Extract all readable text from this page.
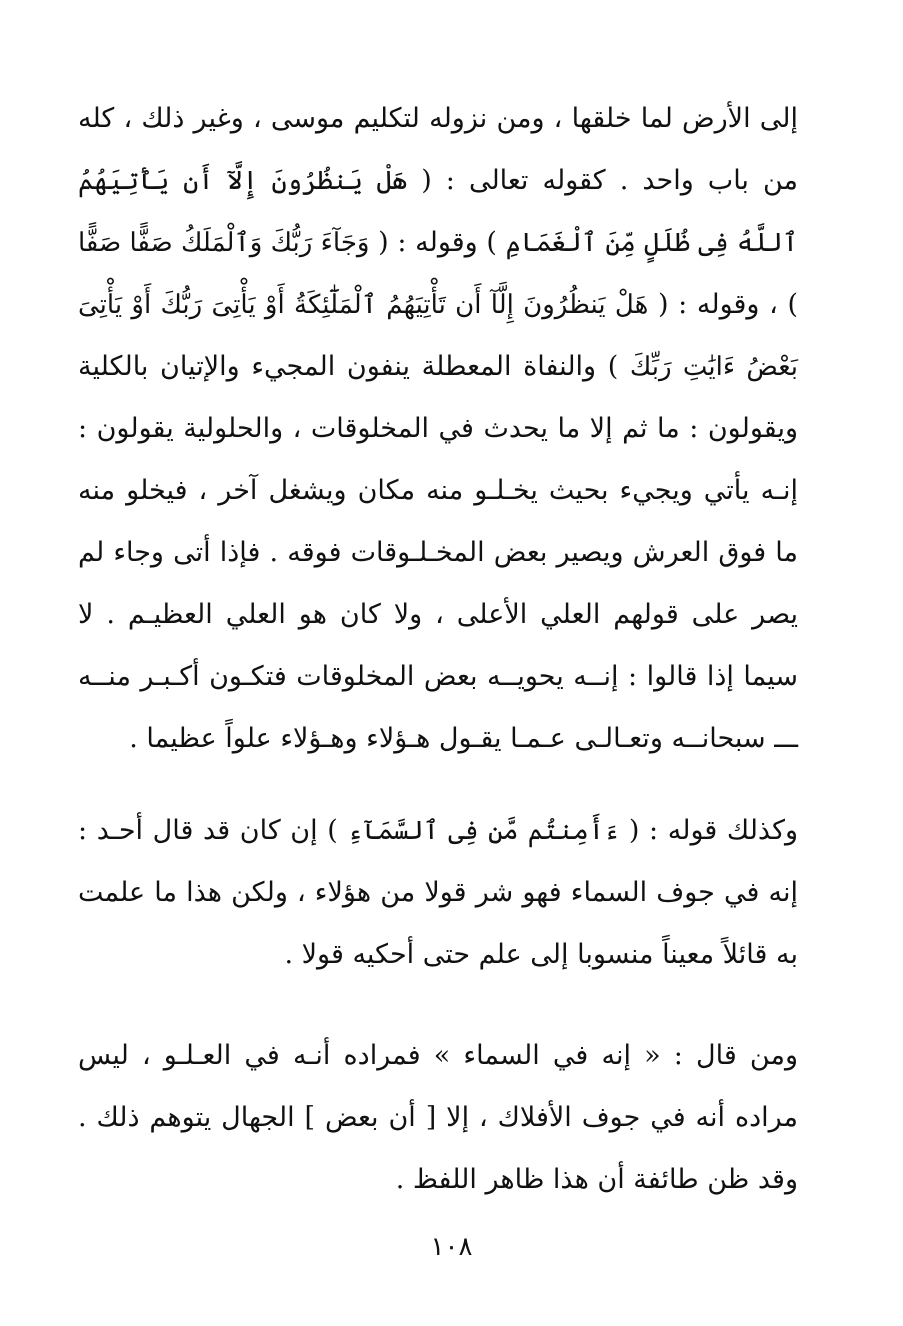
إلى الأرض لما خلقها ، ومن نزوله لتكليم موسى ، وغير ذلك ، كله من باب واحد . كقوله تعالى : ( هَلْ يَنظُرُونَ إِلَّآ أَن يَأْتِيَهُمُ ٱللَّهُ فِى ظُلَلٍ مِّنَ ٱلْغَمَامِ ) وقوله : ( وَجَآءَ رَبُّكَ وَٱلْمَلَكُ صَفًّا صَفًّا ) ، وقوله : ( هَلْ يَنظُرُونَ إِلَّآ أَن تَأْتِيَهُمُ ٱلْمَلَٰٓئِكَةُ أَوْ يَأْتِىَ رَبُّكَ أَوْ يَأْتِىَ بَعْضُ ءَايَٰتِ رَبِّكَ ) والنفاة المعطلة ينفون المجيء والإتيان بالكلية ويقولون : ما ثم إلا ما يحدث في المخلوقات ، والحلولية يقولون : إنـه يأتي ويجيء بحيث يخـلـو منه مكان ويشغل آخر ، فيخلو منه ما فوق العرش ويصير بعض المخـلـوقات فوقه . فإذا أتى وجاء لم يصر على قولهم العلي الأعلى ، ولا كان هو العلي العظيـم . لا سيما إذا قالوا : إنــه يحويــه بعض المخلوقات فتكـون أكـبـر منــه ـــ سبحانــه وتعـالـى عـمـا يقـول هـؤلاء وهـؤلاء علواً عظيما .

وكذلك قوله : ( ءَأَمِنتُم مَّن فِى ٱلسَّمَآءِ ) إن كان قد قال أحـد : إنه في جوف السماء فهو شر قولا من هؤلاء ، ولكن هذا ما علمت به قائلاً معيناً منسوبا إلى علم حتى أحكيه قولا .

ومن قال : « إنه في السماء » فمراده أنـه في العـلـو ، ليس مراده أنه في جوف الأفلاك ، إلا [ أن بعض ] الجهال يتوهم ذلك . وقد ظن طائفة أن هذا ظاهر اللفظ .

١٠٨
